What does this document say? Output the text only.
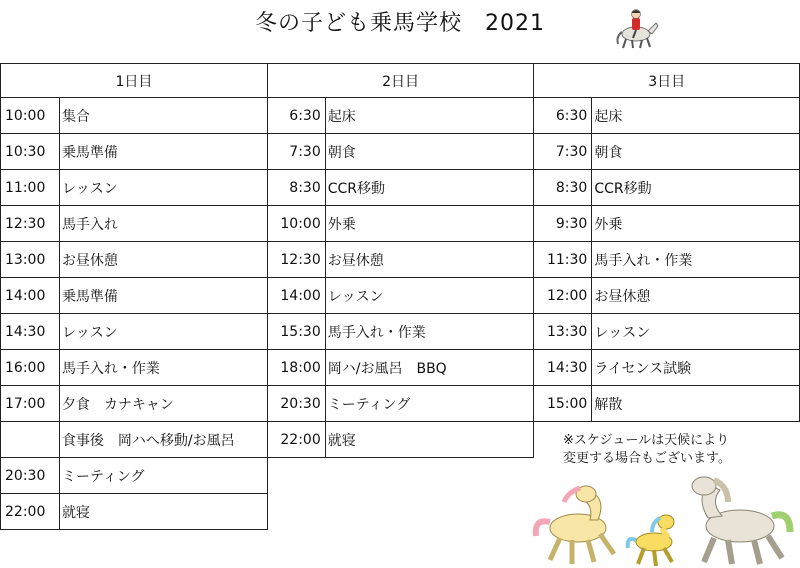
冬の子ども乗馬学校　2021
1日目		2日目		3日目	
10:00	集合	6:30	起床	6:30	起床
10:30	乗馬準備	7:30	朝食	7:30	朝食
11:00	レッスン	8:30	CCR移動	8:30	CCR移動
12:30	馬手入れ	10:00	外乗	9:30	外乗
13:00	お昼休憩	12:30	お昼休憩	11:30	馬手入れ・作業
14:00	乗馬準備	14:00	レッスン	12:00	お昼休憩
14:30	レッスン	15:30	馬手入れ・作業	13:30	レッスン
16:00	馬手入れ・作業	18:00	岡ハ/お風呂　BBQ	14:30	ライセンス試験
17:00	夕食　カナキャン	20:30	ミーティング	15:00	解散
	食事後　岡ハへ移動/お風呂	22:00	就寝		
20:30	ミーティング				
22:00	就寝				
※スケジュールは天候により
変更する場合もございます。
